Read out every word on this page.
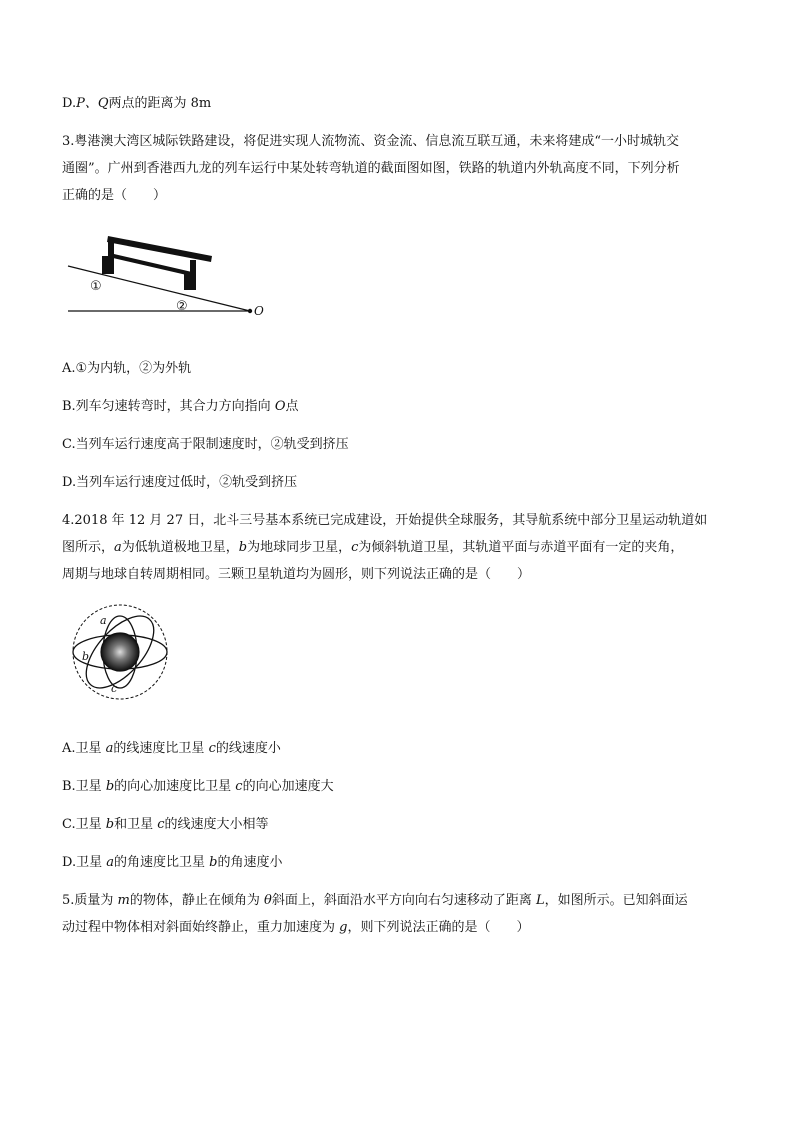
D.P、Q两点的距离为 8m
3.粤港澳大湾区城际铁路建设，将促进实现人流物流、资金流、信息流互联互通，未来将建成“一小时城轨交
通圈”。广州到香港西九龙的列车运行中某处转弯轨道的截面图如图，铁路的轨道内外轨高度不同，下列分析
正确的是（　　）
①
②	O
A.①为内轨，②为外轨
B.列车匀速转弯时，其合力方向指向 O点
C.当列车运行速度高于限制速度时，②轨受到挤压
D.当列车运行速度过低时，②轨受到挤压
4.2018 年 12 月 27 日，北斗三号基本系统已完成建设，开始提供全球服务，其导航系统中部分卫星运动轨道如
图所示，a为低轨道极地卫星，b为地球同步卫星，c为倾斜轨道卫星，其轨道平面与赤道平面有一定的夹角，
周期与地球自转周期相同。三颗卫星轨道均为圆形，则下列说法正确的是（　　）
a
b
c
A.卫星 a的线速度比卫星 c的线速度小
B.卫星 b的向心加速度比卫星 c的向心加速度大
C.卫星 b和卫星 c的线速度大小相等
D.卫星 a的角速度比卫星 b的角速度小
5.质量为 m的物体，静止在倾角为 θ斜面上，斜面沿水平方向向右匀速移动了距离 L，如图所示。已知斜面运
动过程中物体相对斜面始终静止，重力加速度为 g，则下列说法正确的是（　　）
